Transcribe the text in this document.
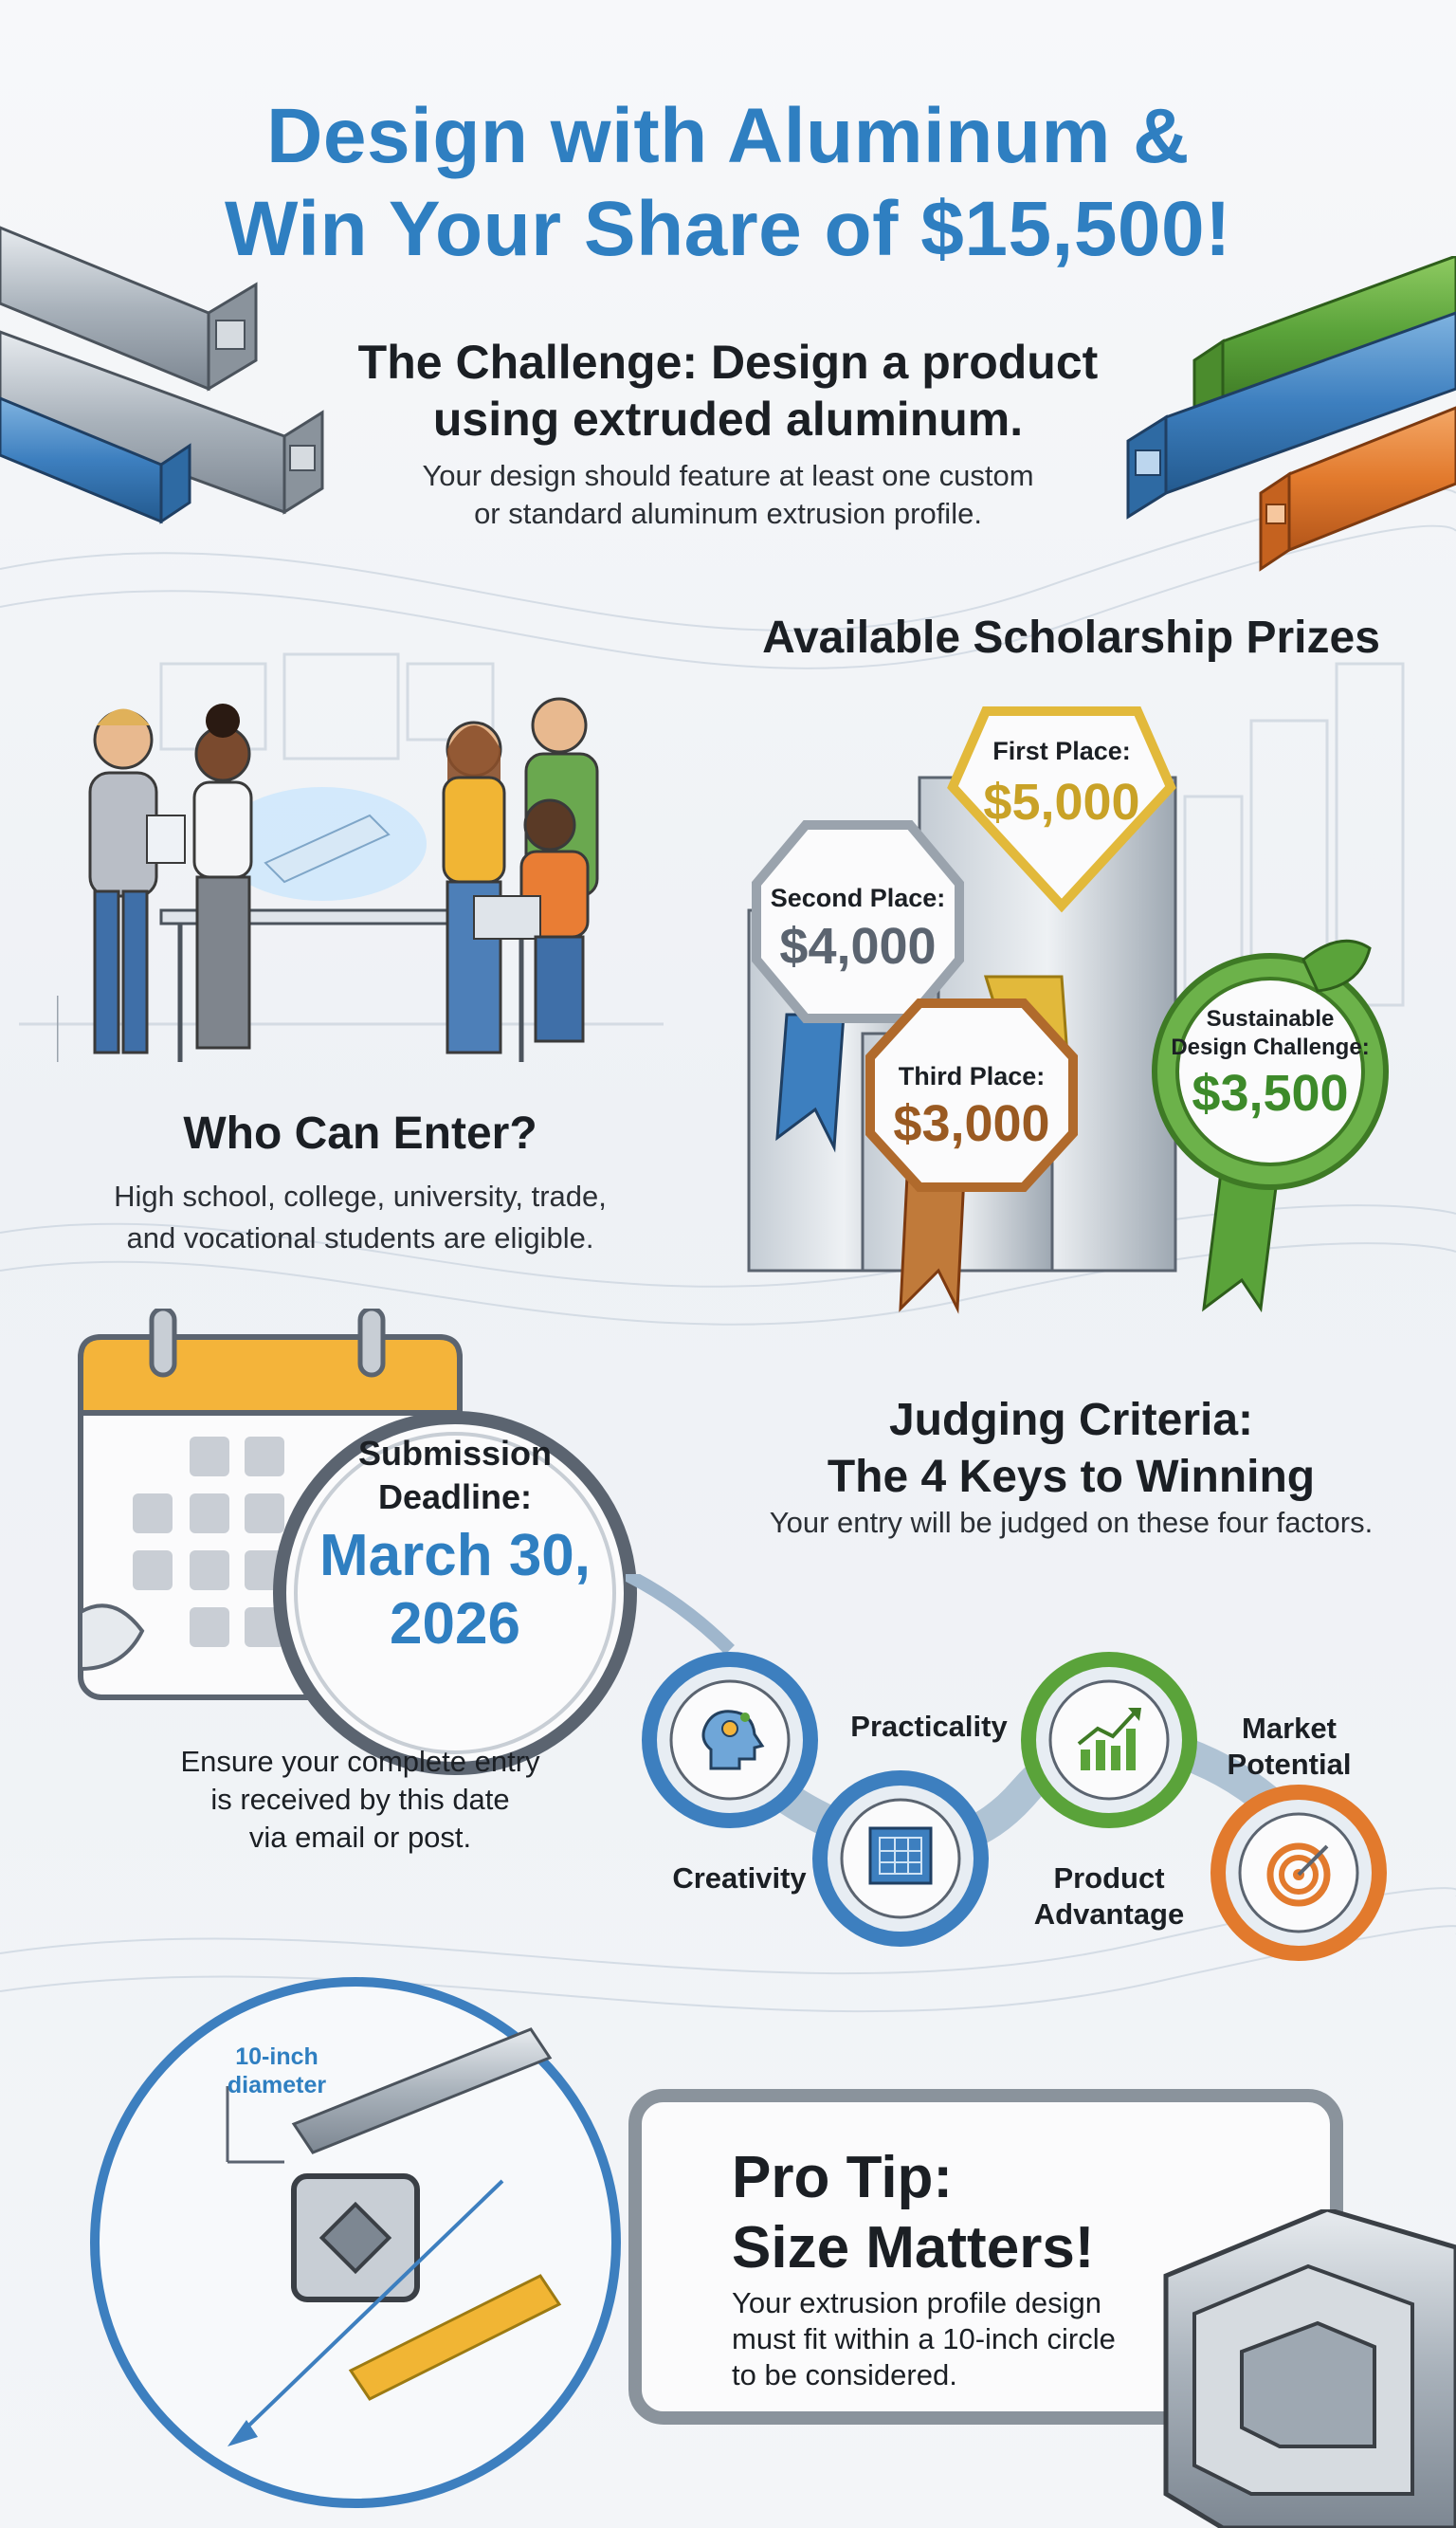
Design with Aluminum &
Win Your Share of $15,500!
The Challenge: Design a product
using extruded aluminum.
Your design should feature at least one custom
or standard aluminum extrusion profile.
Available Scholarship Prizes
First Place:
$5,000
Second Place:
$4,000
Third Place:
$3,000
Sustainable
Design Challenge:
$3,500
Who Can Enter?
High school, college, university, trade,
and vocational students are eligible.
Submission
Deadline:
March 30,
2026
Ensure your complete entry
is received by this date
via email or post.
Judging Criteria:
The 4 Keys to Winning
Your entry will be judged on these four factors.
Creativity
Practicality
Product
Advantage
Market
Potential
10-inch
diameter
Pro Tip:
Size Matters!
Your extrusion profile design
must fit within a 10-inch circle
to be considered.
